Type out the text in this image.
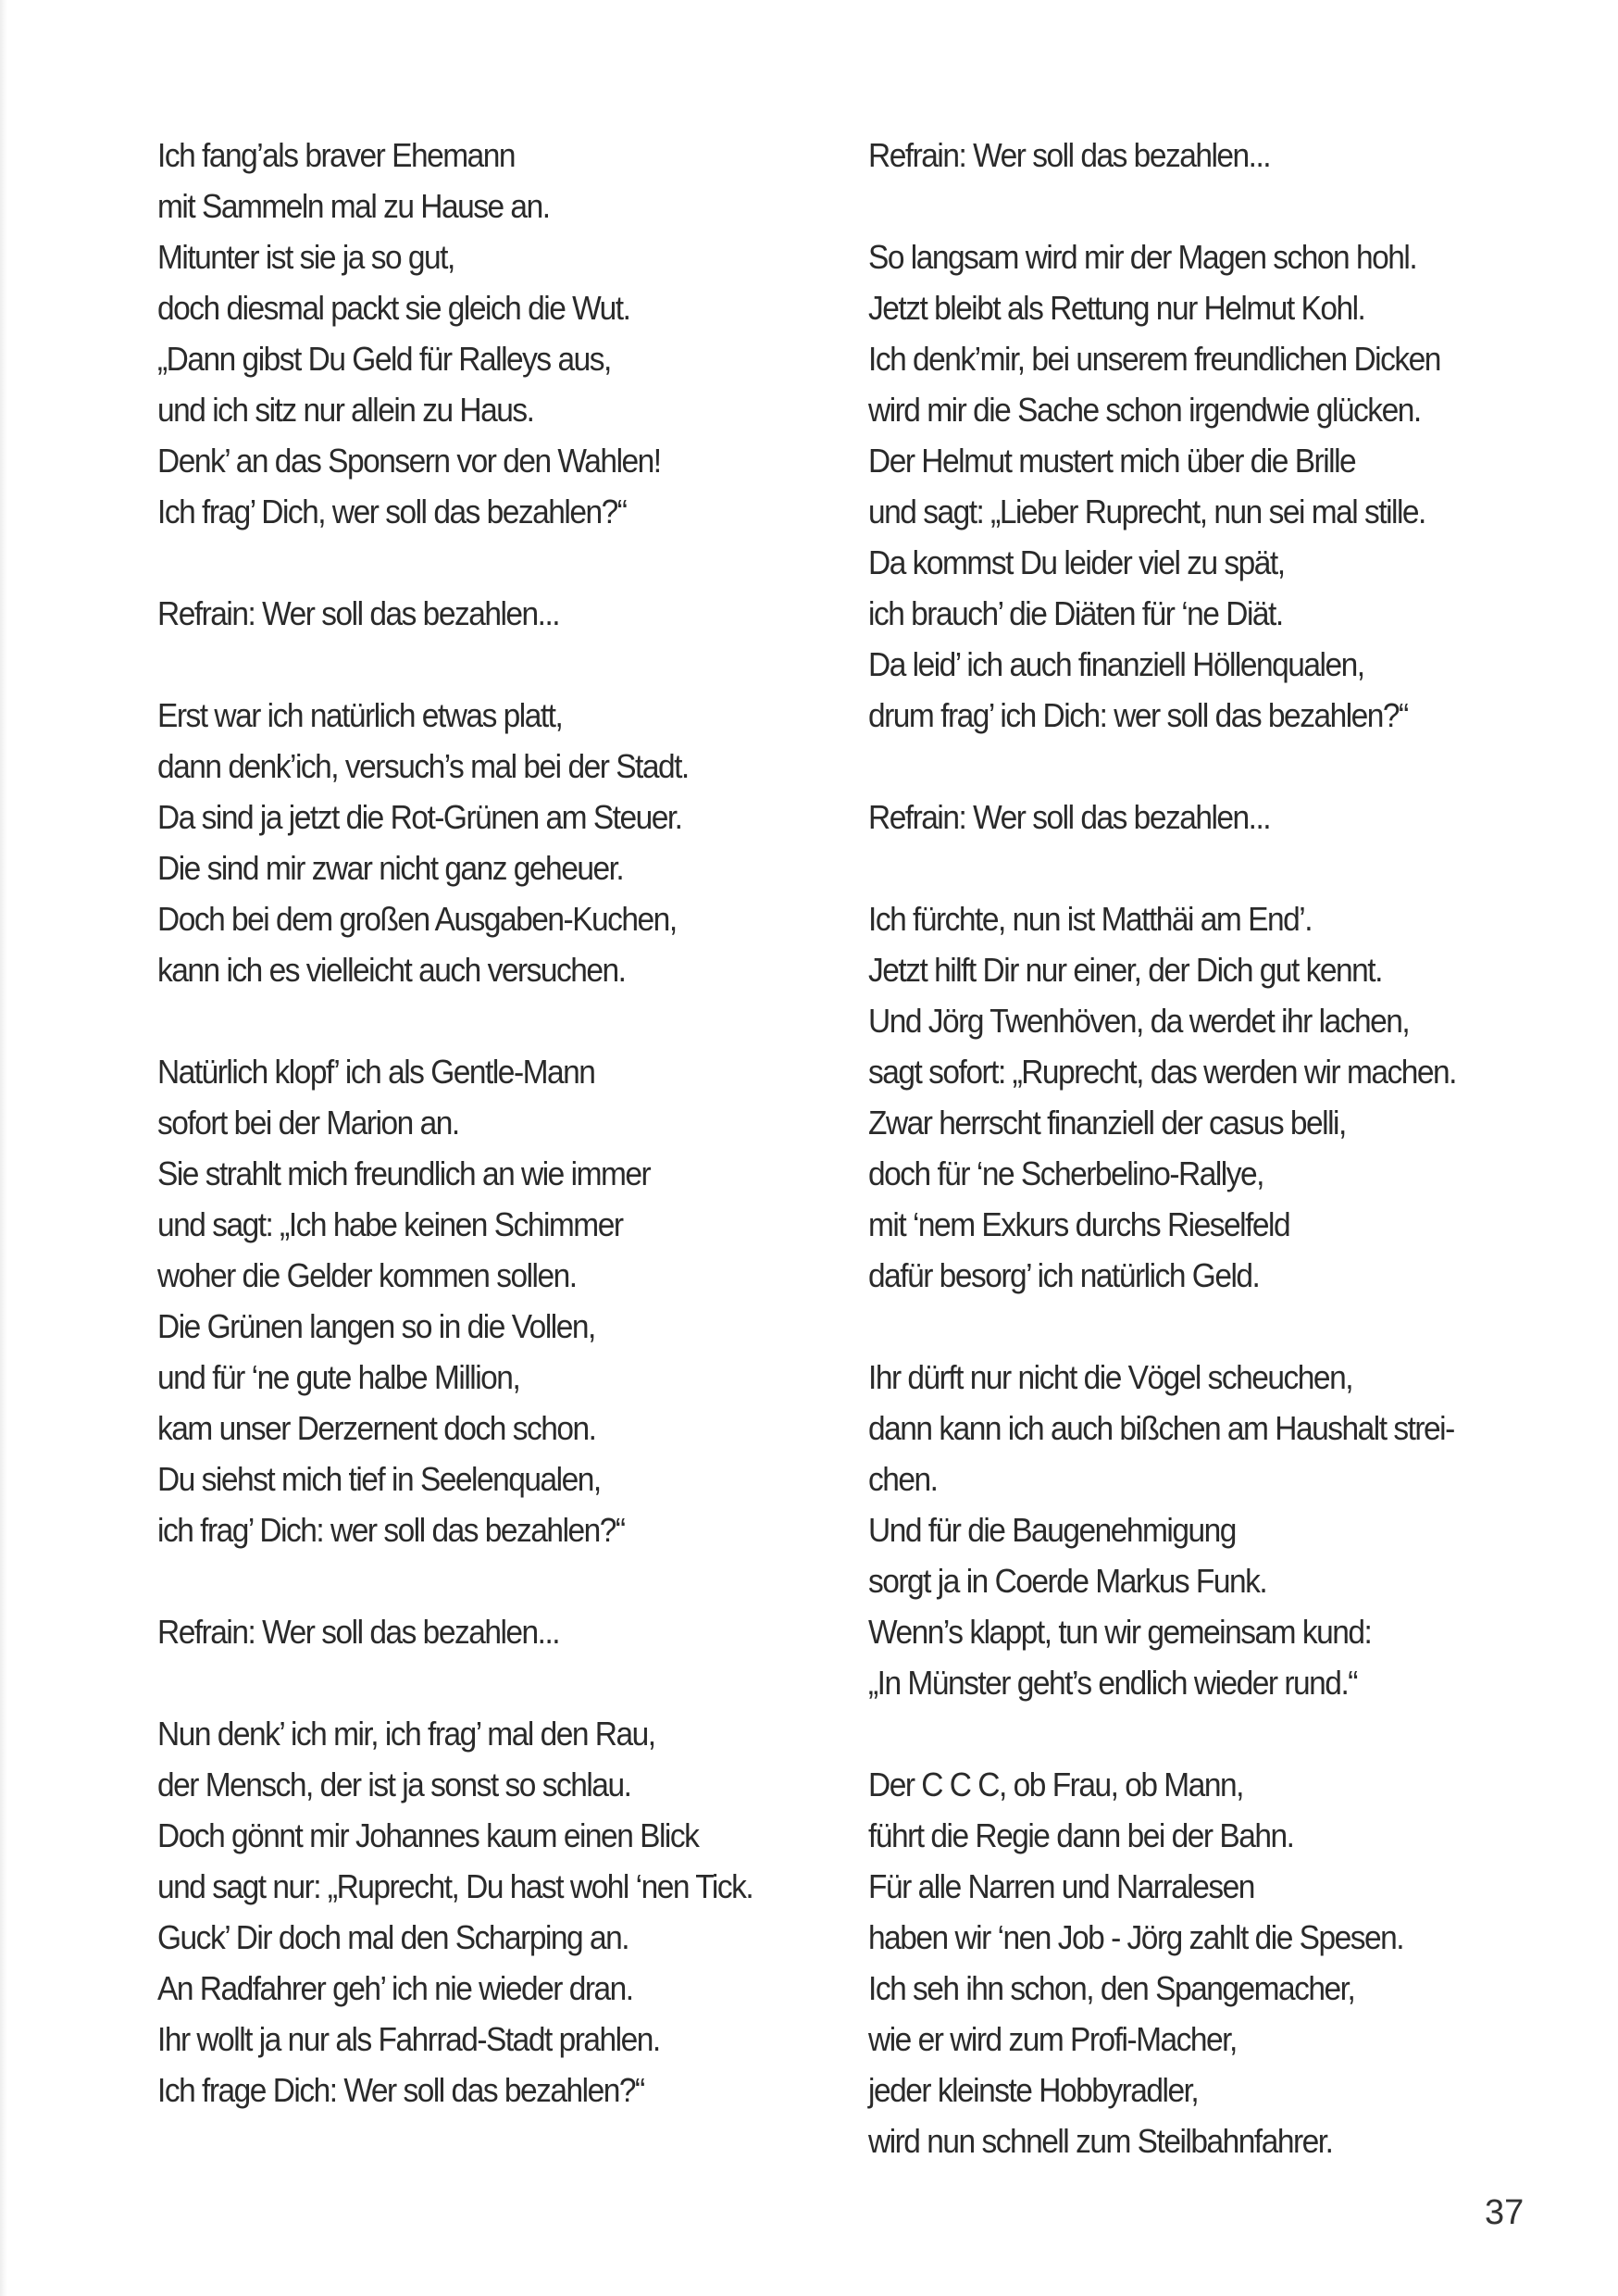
Ich fang’als braver Ehemann
mit Sammeln mal zu Hause an.
Mitunter ist sie ja so gut,
doch diesmal packt sie gleich die Wut.
„Dann gibst Du Geld für Ralleys aus,
und ich sitz nur allein zu Haus.
Denk’ an das Sponsern vor den Wahlen!
Ich frag’ Dich, wer soll das bezahlen?“
Refrain: Wer soll das bezahlen...
Erst war ich natürlich etwas platt,
dann denk’ich, versuch’s mal bei der Stadt.
Da sind ja jetzt die Rot-Grünen am Steuer.
Die sind mir zwar nicht ganz geheuer.
Doch bei dem großen Ausgaben-Kuchen,
kann ich es vielleicht auch versuchen.
Natürlich klopf’ ich als Gentle-Mann
sofort bei der Marion an.
Sie strahlt mich freundlich an wie immer
und sagt: „Ich habe keinen Schimmer
woher die Gelder kommen sollen.
Die Grünen langen so in die Vollen,
und für ‘ne gute halbe Million,
kam unser Derzernent doch schon.
Du siehst mich tief in Seelenqualen,
ich frag’ Dich: wer soll das bezahlen?“
Refrain: Wer soll das bezahlen...
Nun denk’ ich mir, ich frag’ mal den Rau,
der Mensch, der ist ja sonst so schlau.
Doch gönnt mir Johannes kaum einen Blick
und sagt nur: „Ruprecht, Du hast wohl ‘nen Tick.
Guck’ Dir doch mal den Scharping an.
An Radfahrer geh’ ich nie wieder dran.
Ihr wollt ja nur als Fahrrad-Stadt prahlen.
Ich frage Dich: Wer soll das bezahlen?“
Refrain: Wer soll das bezahlen...
So langsam wird mir der Magen schon hohl.
Jetzt bleibt als Rettung nur Helmut Kohl.
Ich denk’mir, bei unserem freundlichen Dicken
wird mir die Sache schon irgendwie glücken.
Der Helmut mustert mich über die Brille
und sagt: „Lieber Ruprecht, nun sei mal stille.
Da kommst Du leider viel zu spät,
ich brauch’ die Diäten für ‘ne Diät.
Da leid’ ich auch finanziell Höllenqualen,
drum frag’ ich Dich: wer soll das bezahlen?“
Refrain: Wer soll das bezahlen...
Ich fürchte, nun ist Matthäi am End’.
Jetzt hilft Dir nur einer, der Dich gut kennt.
Und Jörg Twenhöven, da werdet ihr lachen,
sagt sofort: „Ruprecht, das werden wir machen.
Zwar herrscht finanziell der casus belli,
doch für ‘ne Scherbelino-Rallye,
mit ‘nem Exkurs durchs Rieselfeld
dafür besorg’ ich natürlich Geld.
Ihr dürft nur nicht die Vögel scheuchen,
dann kann ich auch bißchen am Haushalt strei-
chen.
Und für die Baugenehmigung
sorgt ja in Coerde Markus Funk.
Wenn’s klappt, tun wir gemeinsam kund:
„In Münster geht’s endlich wieder rund.“
Der C C C, ob Frau, ob Mann,
führt die Regie dann bei der Bahn.
Für alle Narren und Narralesen
haben wir ‘nen Job - Jörg zahlt die Spesen.
Ich seh ihn schon, den Spangemacher,
wie er wird zum Profi-Macher,
jeder kleinste Hobbyradler,
wird nun schnell zum Steilbahnfahrer.
37
